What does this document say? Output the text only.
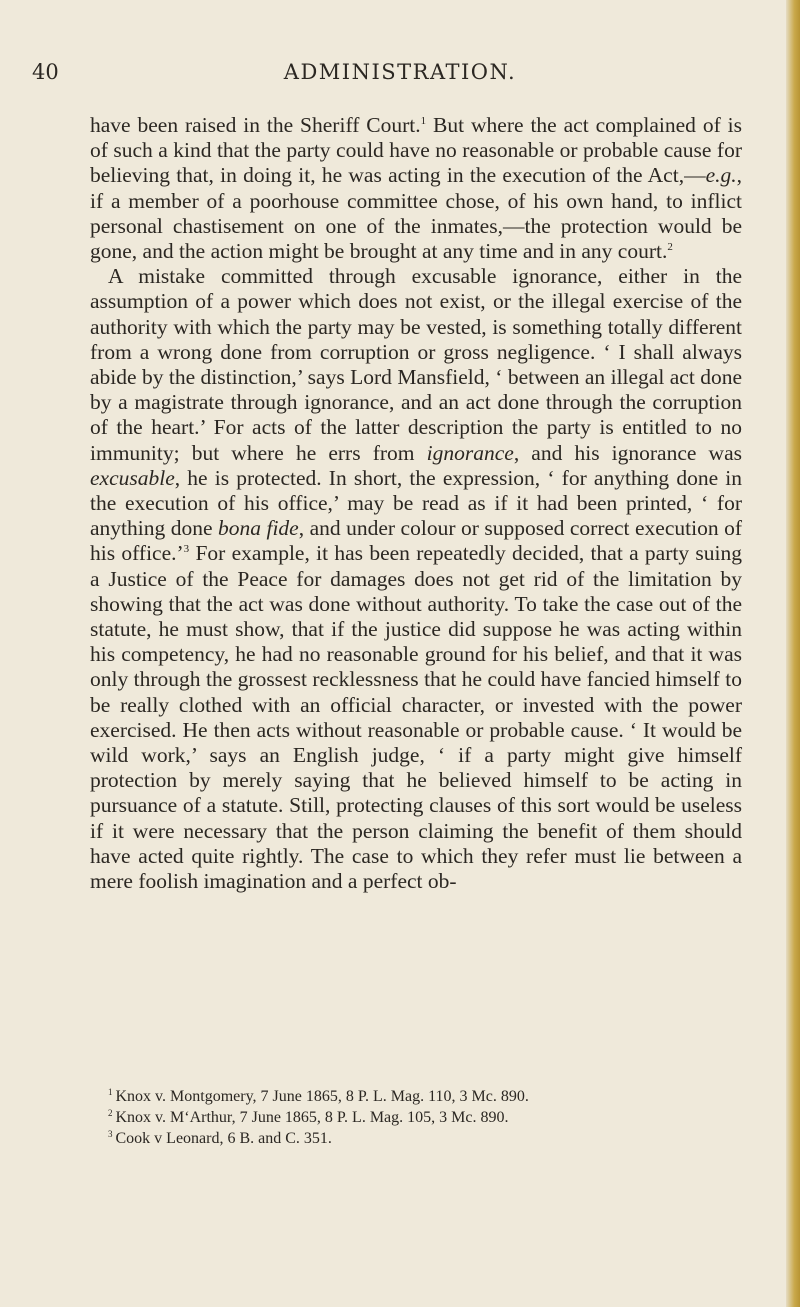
40	ADMINISTRATION.

have been raised in the Sheriff Court.$^1$ But where the act complained of is of such a kind that the party could have no reasonable or probable cause for believing that, in doing it, he was acting in the execution of the Act,—e.g., if a member of a poorhouse committee chose, of his own hand, to inflict personal chastisement on one of the inmates,—the protection would be gone, and the action might be brought at any time and in any court.$^2$

A mistake committed through excusable ignorance, either in the assumption of a power which does not exist, or the illegal exercise of the authority with which the party may be vested, is something totally different from a wrong done from corruption or gross negligence. ‘ I shall always abide by the distinction,’ says Lord Mansfield, ‘ between an illegal act done by a magistrate through ignorance, and an act done through the corruption of the heart.’ For acts of the latter description the party is entitled to no immunity; but where he errs from ignorance, and his ignorance was excusable, he is protected. In short, the expression, ‘ for anything done in the execution of his office,’ may be read as if it had been printed, ‘ for anything done bona fide, and under colour or supposed correct execution of his office.’$^3$ For example, it has been repeatedly decided, that a party suing a Justice of the Peace for damages does not get rid of the limitation by showing that the act was done without authority. To take the case out of the statute, he must show, that if the justice did suppose he was acting within his competency, he had no reasonable ground for his belief, and that it was only through the grossest recklessness that he could have fancied himself to be really clothed with an official character, or invested with the power exercised. He then acts without reasonable or probable cause. ‘ It would be wild work,’ says an English judge, ‘ if a party might give himself protection by merely saying that he believed himself to be acting in pursuance of a statute. Still, protecting clauses of this sort would be useless if it were necessary that the person claiming the benefit of them should have acted quite rightly. The case to which they refer must lie between a mere foolish imagination and a perfect ob-

$^1$ Knox v. Montgomery, 7 June 1865, 8 P. L. Mag. 110, 3 Mc. 890.
$^2$ Knox v. M‘Arthur, 7 June 1865, 8 P. L. Mag. 105, 3 Mc. 890.
$^3$ Cook v Leonard, 6 B. and C. 351.
